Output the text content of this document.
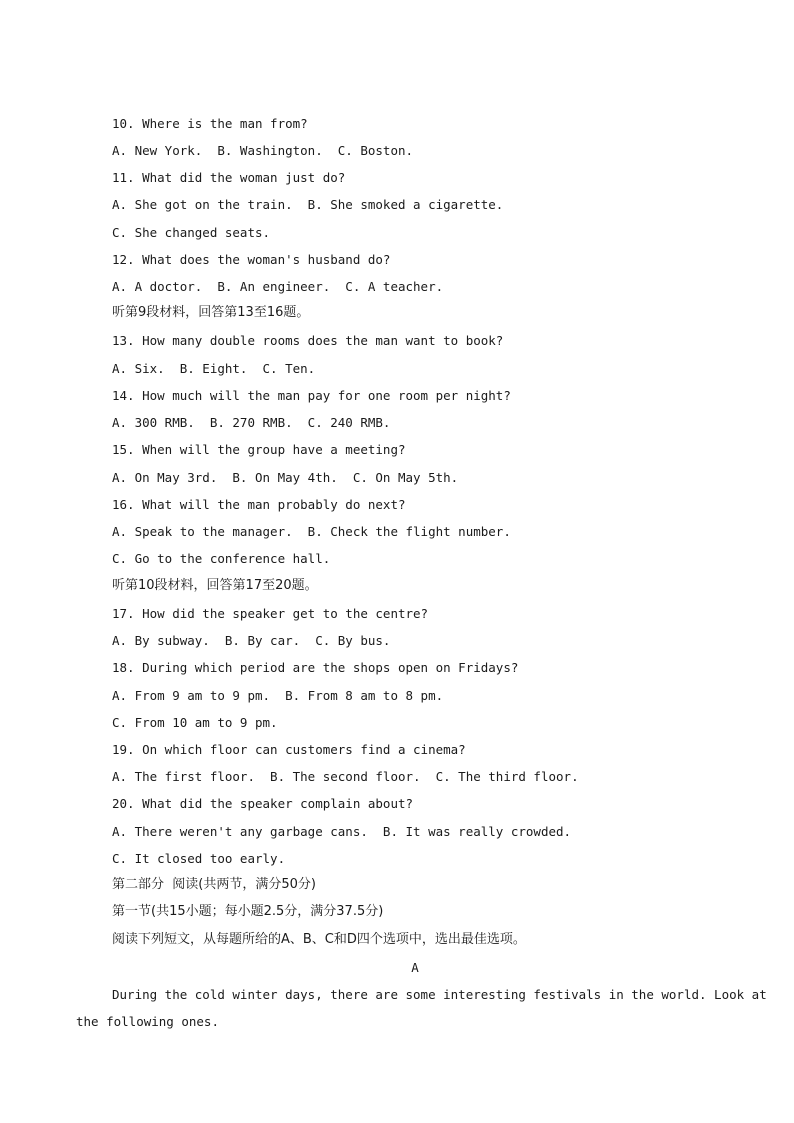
10. Where is the man from?
A. New York.  B. Washington.  C. Boston.
11. What did the woman just do?
A. She got on the train.  B. She smoked a cigarette.
C. She changed seats.
12. What does the woman's husband do?
A. A doctor.  B. An engineer.  C. A teacher.
听第9段材料，回答第13至16题。
13. How many double rooms does the man want to book?
A. Six.  B. Eight.  C. Ten.
14. How much will the man pay for one room per night?
A. 300 RMB.  B. 270 RMB.  C. 240 RMB.
15. When will the group have a meeting?
A. On May 3rd.  B. On May 4th.  C. On May 5th.
16. What will the man probably do next?
A. Speak to the manager.  B. Check the flight number.
C. Go to the conference hall.
听第10段材料，回答第17至20题。
17. How did the speaker get to the centre?
A. By subway.  B. By car.  C. By bus.
18. During which period are the shops open on Fridays?
A. From 9 am to 9 pm.  B. From 8 am to 8 pm.
C. From 10 am to 9 pm.
19. On which floor can customers find a cinema?
A. The first floor.  B. The second floor.  C. The third floor.
20. What did the speaker complain about?
A. There weren't any garbage cans.  B. It was really crowded.
C. It closed too early.
第二部分  阅读(共两节，满分50分)
第一节(共15小题；每小题2.5分，满分37.5分)
阅读下列短文，从每题所给的A、B、C和D四个选项中，选出最佳选项。
A
During the cold winter days, there are some interesting festivals in the world. Look at
the following ones.
